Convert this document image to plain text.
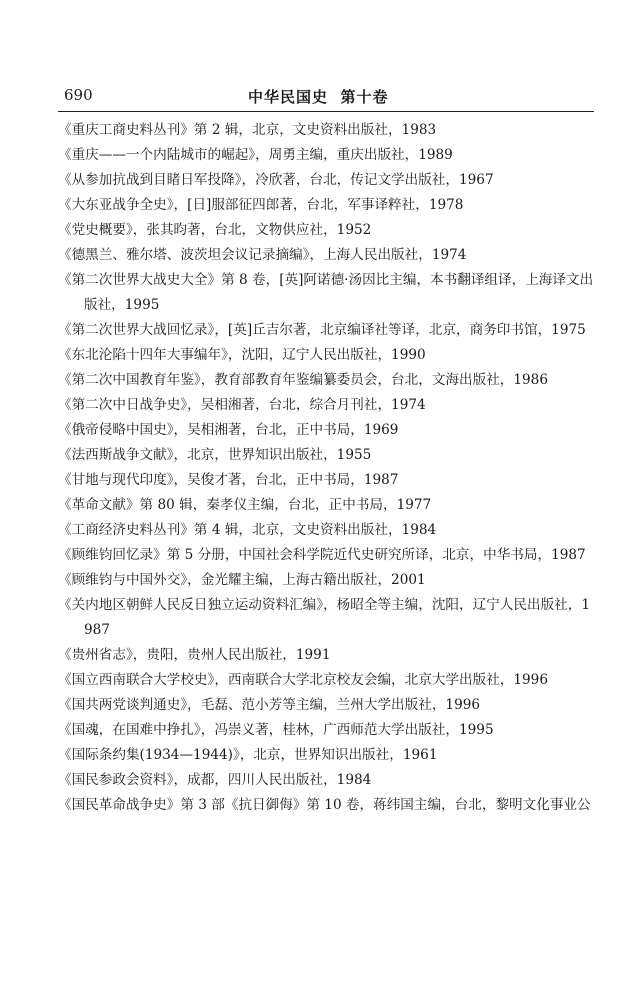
690	中华民国史  第十卷
《重庆工商史料丛刊》第 2 辑，北京，文史资料出版社，1983
《重庆——一个内陆城市的崛起》，周勇主编，重庆出版社，1989
《从参加抗战到目睹日军投降》，冷欣著，台北，传记文学出版社，1967
《大东亚战争全史》，[日]服部征四郎著，台北，军事译粹社，1978
《党史概要》，张其昀著，台北，文物供应社，1952
《德黑兰、雅尔塔、波茨坦会议记录摘编》，上海人民出版社，1974
《第二次世界大战史大全》第 8 卷，[英]阿诺德·汤因比主编，本书翻译组译，上海译文出版社，1995
《第二次世界大战回忆录》，[英]丘吉尔著，北京编译社等译，北京，商务印书馆，1975
《东北沦陷十四年大事编年》，沈阳，辽宁人民出版社，1990
《第二次中国教育年鉴》，教育部教育年鉴编纂委员会，台北，文海出版社，1986
《第二次中日战争史》，吴相湘著，台北，综合月刊社，1974
《俄帝侵略中国史》，吴相湘著，台北，正中书局，1969
《法西斯战争文献》，北京，世界知识出版社，1955
《甘地与现代印度》，吴俊才著，台北，正中书局，1987
《革命文献》第 80 辑，秦孝仪主编，台北，正中书局，1977
《工商经济史料丛刊》第 4 辑，北京，文史资料出版社，1984
《顾维钧回忆录》第 5 分册，中国社会科学院近代史研究所译，北京，中华书局，1987
《顾维钧与中国外交》，金光耀主编，上海古籍出版社，2001
《关内地区朝鲜人民反日独立运动资料汇编》，杨昭全等主编，沈阳，辽宁人民出版社，1987
《贵州省志》，贵阳，贵州人民出版社，1991
《国立西南联合大学校史》，西南联合大学北京校友会编，北京大学出版社，1996
《国共两党谈判通史》，毛磊、范小芳等主编，兰州大学出版社，1996
《国魂，在国难中挣扎》，冯崇义著，桂林，广西师范大学出版社，1995
《国际条约集(1934—1944)》，北京，世界知识出版社，1961
《国民参政会资料》，成都，四川人民出版社，1984
《国民革命战争史》第 3 部《抗日御侮》第 10 卷，蒋纬国主编，台北，黎明文化事业公
